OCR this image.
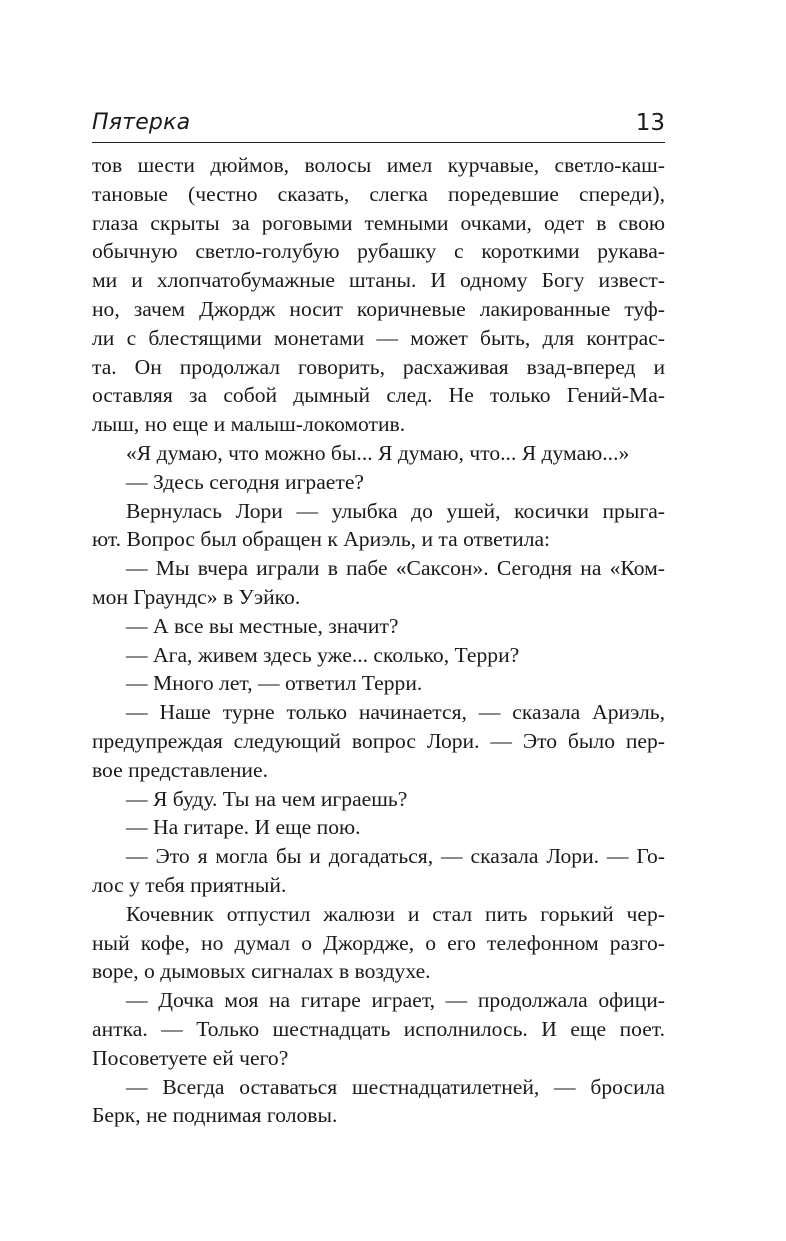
Пятерка	13
тов шести дюймов, волосы имел курчавые, светло-каш-
тановые (честно сказать, слегка поредевшие спереди),
глаза скрыты за роговыми темными очками, одет в свою
обычную светло-голубую рубашку с короткими рукава-
ми и хлопчатобумажные штаны. И одному Богу извест-
но, зачем Джордж носит коричневые лакированные туф-
ли с блестящими монетами — может быть, для контрас-
та. Он продолжал говорить, расхаживая взад-вперед и
оставляя за собой дымный след. Не только Гений-Ма-
лыш, но еще и малыш-локомотив.
«Я думаю, что можно бы... Я думаю, что... Я думаю...»
— Здесь сегодня играете?
Вернулась Лори — улыбка до ушей, косички прыга-
ют. Вопрос был обращен к Ариэль, и та ответила:
— Мы вчера играли в пабе «Саксон». Сегодня на «Ком-
мон Граундс» в Уэйко.
— А все вы местные, значит?
— Ага, живем здесь уже... сколько, Терри?
— Много лет, — ответил Терри.
— Наше турне только начинается, — сказала Ариэль,
предупреждая следующий вопрос Лори. — Это было пер-
вое представление.
— Я буду. Ты на чем играешь?
— На гитаре. И еще пою.
— Это я могла бы и догадаться, — сказала Лори. — Го-
лос у тебя приятный.
Кочевник отпустил жалюзи и стал пить горький чер-
ный кофе, но думал о Джордже, о его телефонном разго-
воре, о дымовых сигналах в воздухе.
— Дочка моя на гитаре играет, — продолжала офици-
антка. — Только шестнадцать исполнилось. И еще поет.
Посоветуете ей чего?
— Всегда оставаться шестнадцатилетней, — бросила
Берк, не поднимая головы.
